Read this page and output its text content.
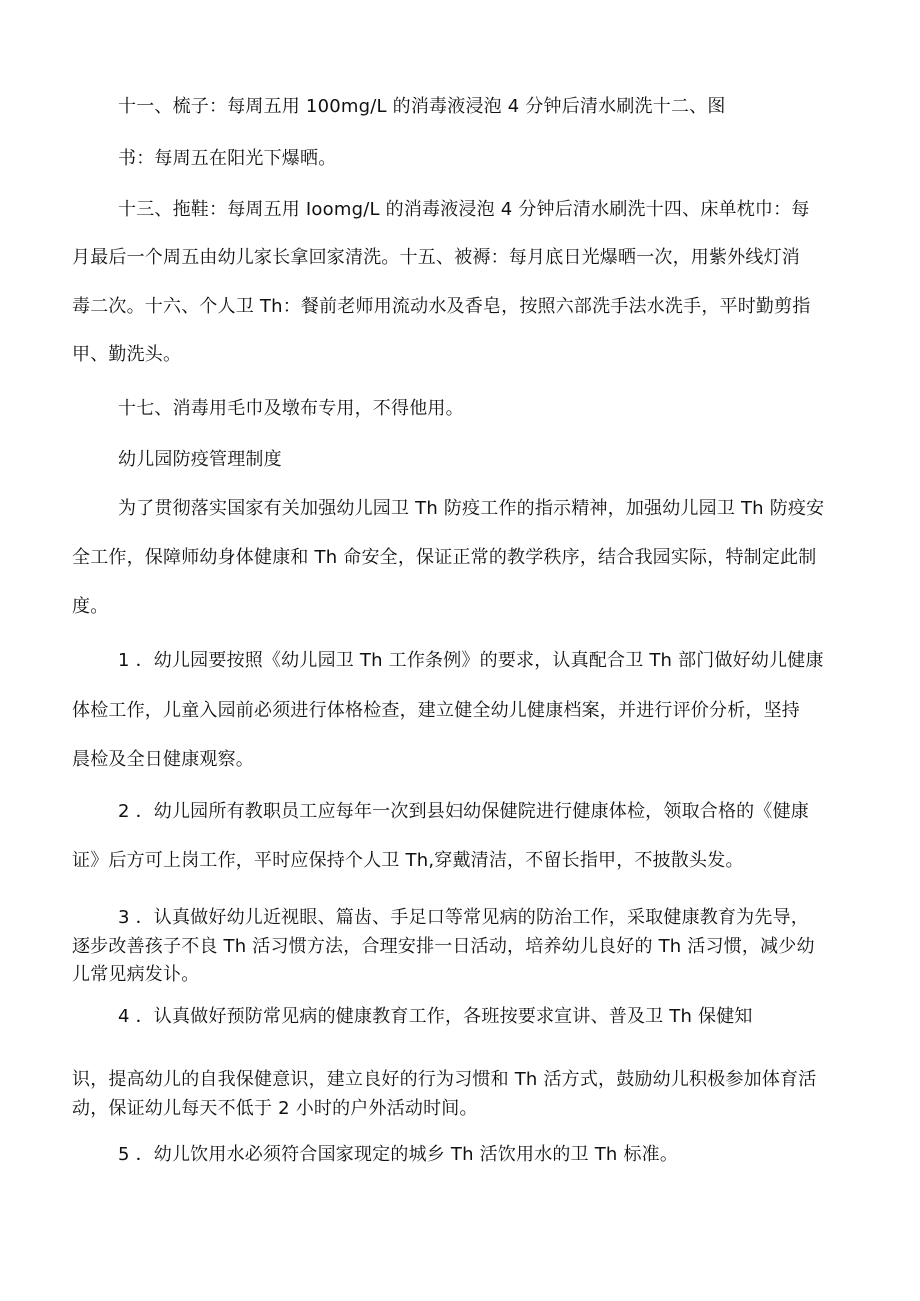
十一、梳子：每周五用 100mg/L 的消毒液浸泡 4 分钟后清水刷洗十二、图
书：每周五在阳光下爆晒。
十三、拖鞋：每周五用 Ioomg/L 的消毒液浸泡 4 分钟后清水刷洗十四、床单枕巾：每
月最后一个周五由幼儿家长拿回家清洗。十五、被褥：每月底日光爆晒一次，用紫外线灯消
毒二次。十六、个人卫 Th：餐前老师用流动水及香皂，按照六部洗手法水洗手，平时勤剪指
甲、勤洗头。
十七、消毒用毛巾及墩布专用，不得他用。
幼儿园防疫管理制度
为了贯彻落实国家有关加强幼儿园卫 Th 防疫工作的指示精神，加强幼儿园卫 Th 防疫安
全工作，保障师幼身体健康和 Th 命安全，保证正常的教学秩序，结合我园实际，特制定此制
度。
1 ．幼儿园要按照《幼儿园卫 Th 工作条例》的要求，认真配合卫 Th 部门做好幼儿健康
体检工作，儿童入园前必须进行体格检查，建立健全幼儿健康档案，并进行评价分析，坚持
晨检及全日健康观察。
2 ．幼儿园所有教职员工应每年一次到县妇幼保健院进行健康体检，领取合格的《健康
证》后方可上岗工作，平时应保持个人卫 Th,穿戴清洁，不留长指甲，不披散头发。
3 ．认真做好幼儿近视眼、篇齿、手足口等常见病的防治工作，采取健康教育为先导，
逐步改善孩子不良 Th 活习惯方法，合理安排一日活动，培养幼儿良好的 Th 活习惯，减少幼
儿常见病发讣。
4 ．认真做好预防常见病的健康教育工作，各班按要求宣讲、普及卫 Th 保健知
识，提高幼儿的自我保健意识，建立良好的行为习惯和 Th 活方式，鼓励幼儿积极参加体育活
动，保证幼儿每天不低于 2 小时的户外活动时间。
5 ．幼儿饮用水必须符合国家现定的城乡 Th 活饮用水的卫 Th 标准。
